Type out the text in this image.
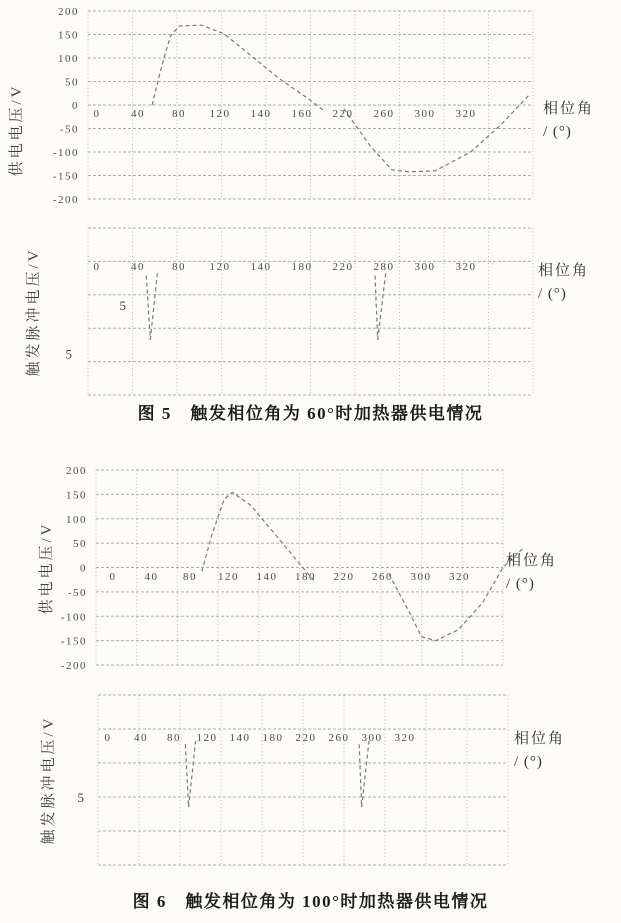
200
150
100
50
0
-50
-100
-150
-200
0	40 80 120 140 160 220 260 300 320
供电电压/V	相位角
/ (°)
0	40 80 120 140 180 220 280 300 320
5
5
触发脉冲电压/V	相位角
/ (°)
图 5　触发相位角为 60°时加热器供电情况
200
150
100
50
0
-50
-100
-150
-200
0	40 80 120 140 180 220 260 300 320
供电电压/V	相位角
/ (°)
0 40 80 120 140 180 220 260 300 320
5
触发脉冲电压/V	相位角
/ (°)
图 6　触发相位角为 100°时加热器供电情况
